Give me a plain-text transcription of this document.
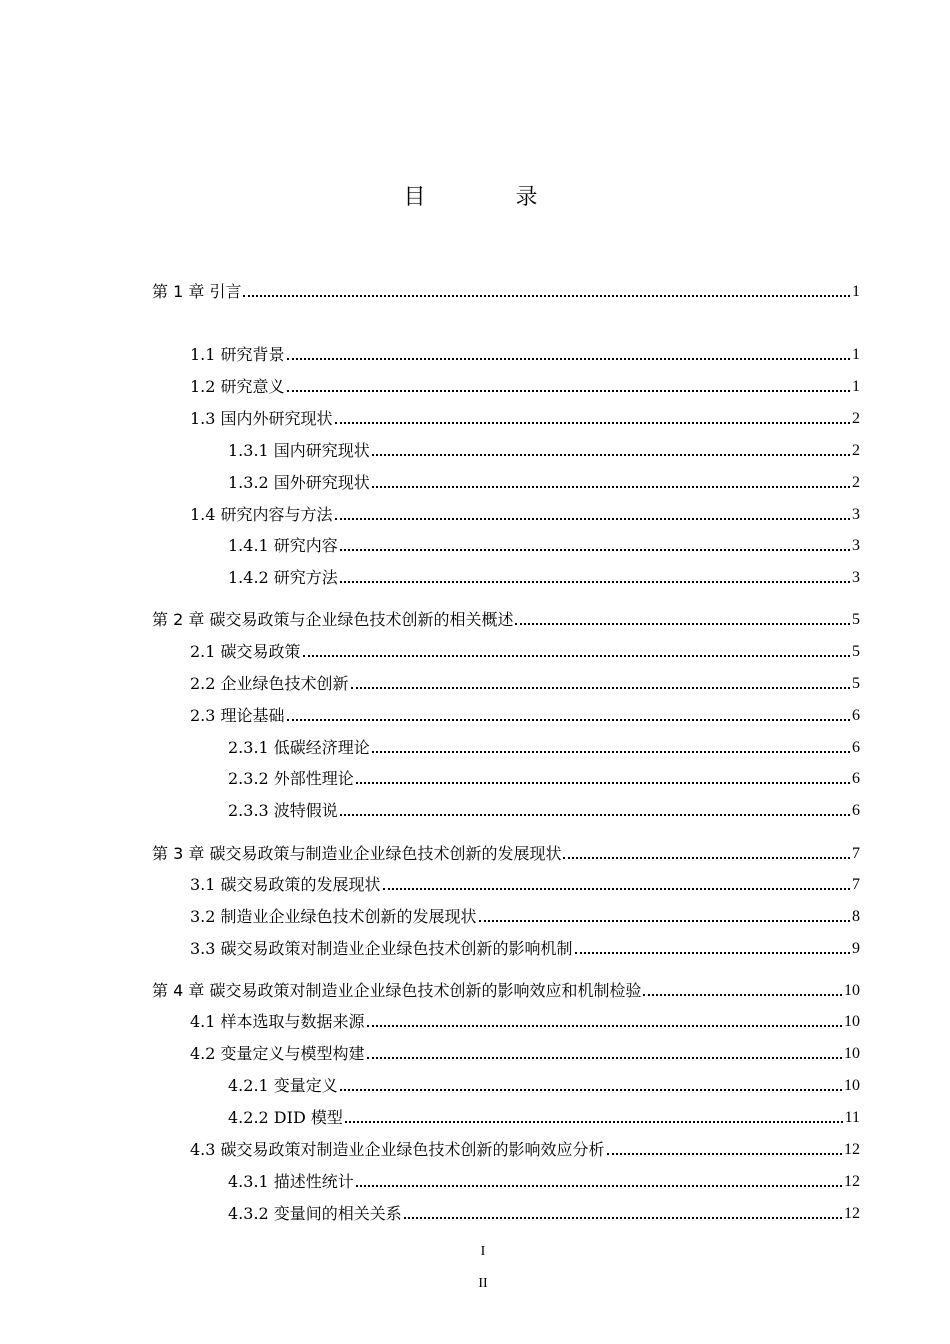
目　录
第 1 章 引言	1
1.1 研究背景	1
1.2 研究意义	1
1.3 国内外研究现状	2
1.3.1 国内研究现状	2
1.3.2 国外研究现状	2
1.4 研究内容与方法	3
1.4.1 研究内容	3
1.4.2 研究方法	3
第 2 章 碳交易政策与企业绿色技术创新的相关概述	5
2.1 碳交易政策	5
2.2 企业绿色技术创新	5
2.3 理论基础	6
2.3.1 低碳经济理论	6
2.3.2 外部性理论	6
2.3.3 波特假说	6
第 3 章 碳交易政策与制造业企业绿色技术创新的发展现状	7
3.1 碳交易政策的发展现状	7
3.2 制造业企业绿色技术创新的发展现状	8
3.3 碳交易政策对制造业企业绿色技术创新的影响机制	9
第 4 章 碳交易政策对制造业企业绿色技术创新的影响效应和机制检验	10
4.1 样本选取与数据来源	10
4.2 变量定义与模型构建	10
4.2.1 变量定义	10
4.2.2 DID 模型	11
4.3 碳交易政策对制造业企业绿色技术创新的影响效应分析	12
4.3.1 描述性统计	12
4.3.2 变量间的相关关系	12
I
II
